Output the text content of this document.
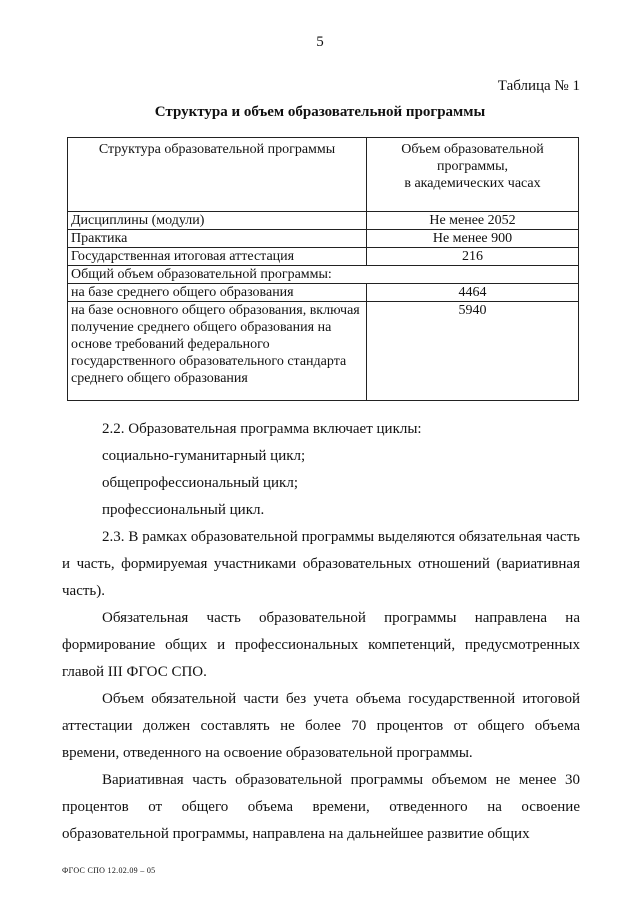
5
Таблица № 1
Структура и объем образовательной программы
Структура образовательной программы	Объем образовательной
программы,
в академических часах
Дисциплины (модули)	Не менее 2052
Практика	Не менее 900
Государственная итоговая аттестация	216
Общий объем образовательной программы:	
на базе среднего общего образования	4464
на базе основного общего образования, включая получение среднего общего образования на основе требований федерального государственного образовательного стандарта среднего общего образования	5940

2.2. Образовательная программа включает циклы:

социально-гуманитарный цикл;

общепрофессиональный цикл;

профессиональный цикл.

2.3. В рамках образовательной программы выделяются обязательная часть и часть, формируемая участниками образовательных отношений (вариативная часть).

Обязательная часть образовательной программы направлена на формирование общих и профессиональных компетенций, предусмотренных главой III ФГОС СПО.

Объем обязательной части без учета объема государственной итоговой аттестации должен составлять не более 70 процентов от общего объема времени, отведенного на освоение образовательной программы.

Вариативная часть образовательной программы объемом не менее 30 процентов от общего объема времени, отведенного на освоение образовательной программы, направлена на дальнейшее развитие общих

ФГОС СПО 12.02.09 – 05
